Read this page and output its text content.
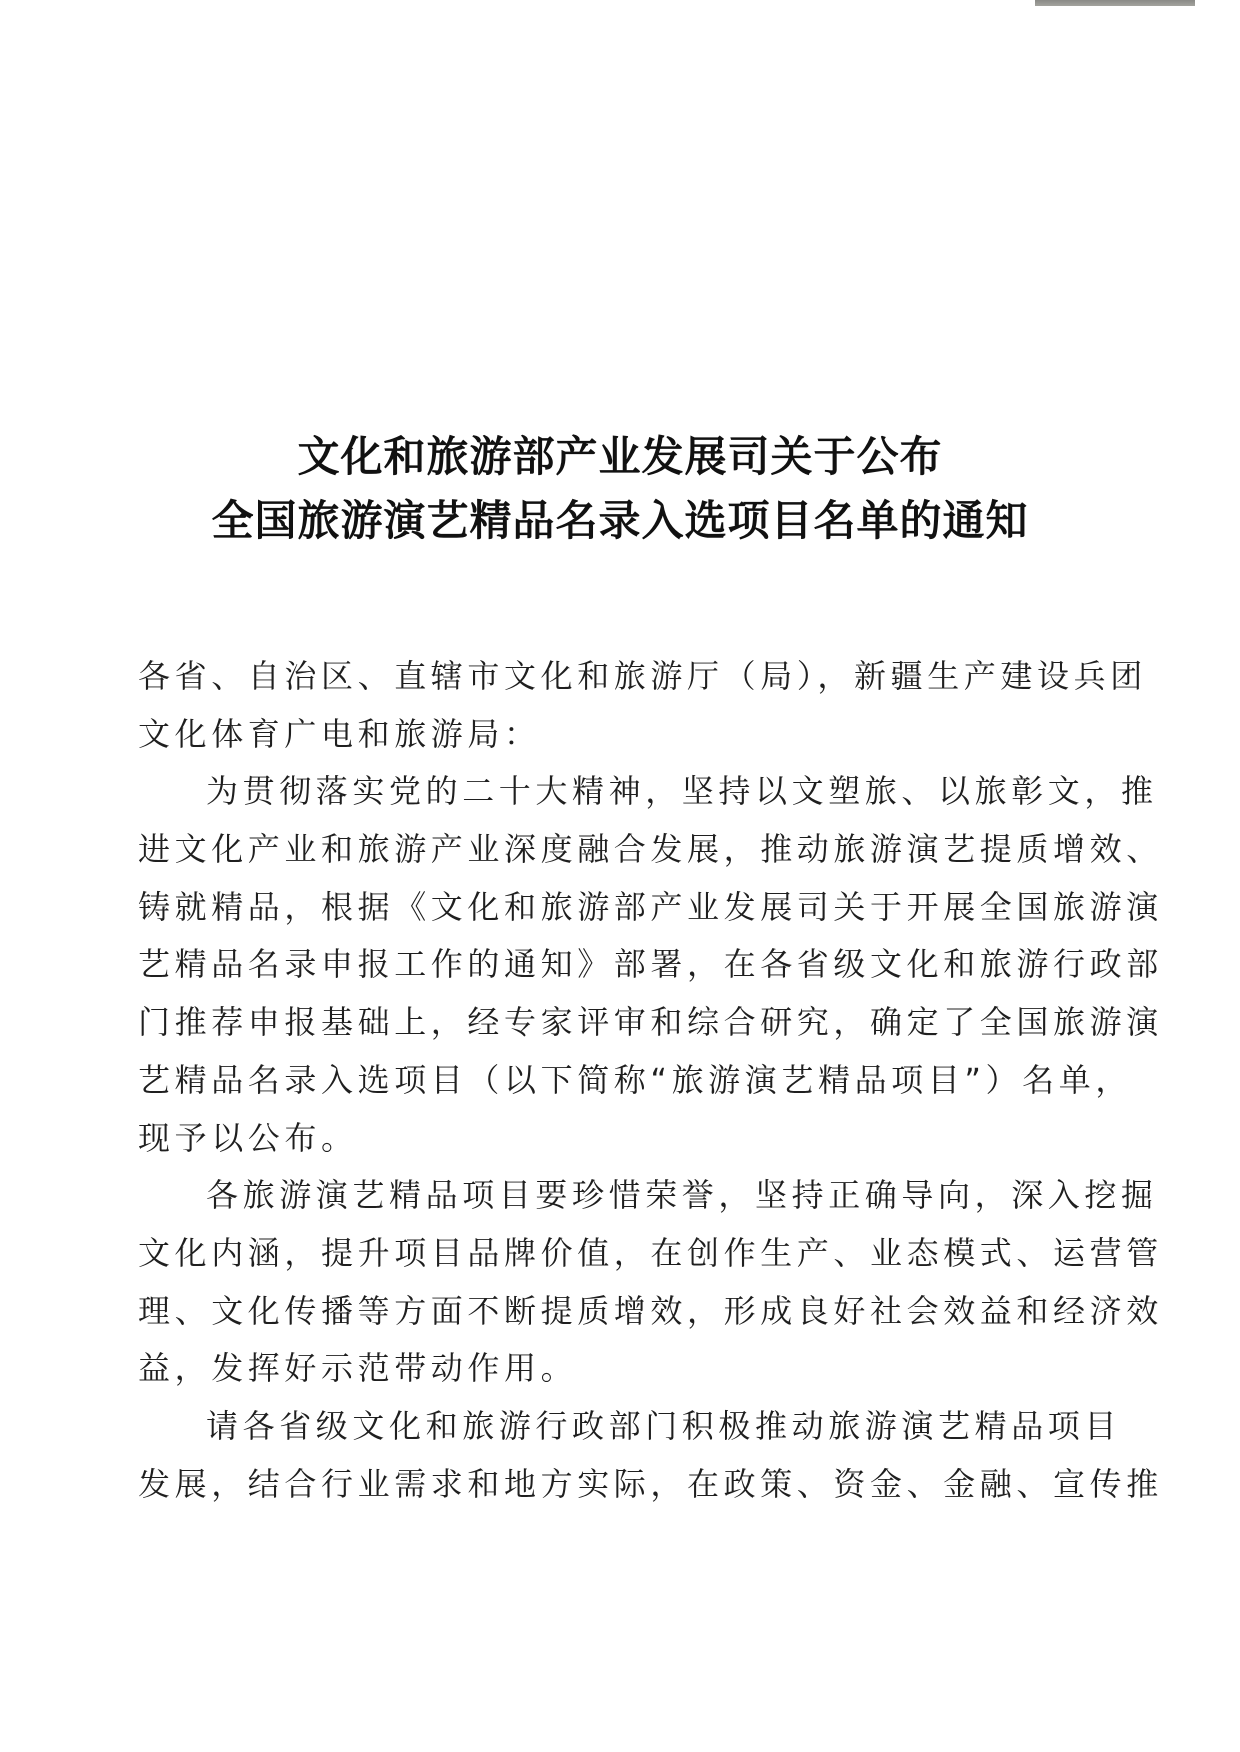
文化和旅游部产业发展司关于公布
全国旅游演艺精品名录入选项目名单的通知
各省、自治区、直辖市文化和旅游厅（局），新疆生产建设兵团
文化体育广电和旅游局：
为贯彻落实党的二十大精神，坚持以文塑旅、以旅彰文，推
进文化产业和旅游产业深度融合发展，推动旅游演艺提质增效、
铸就精品，根据《文化和旅游部产业发展司关于开展全国旅游演
艺精品名录申报工作的通知》部署，在各省级文化和旅游行政部
门推荐申报基础上，经专家评审和综合研究，确定了全国旅游演
艺精品名录入选项目（以下简称“旅游演艺精品项目”）名单，
现予以公布。
各旅游演艺精品项目要珍惜荣誉，坚持正确导向，深入挖掘
文化内涵，提升项目品牌价值，在创作生产、业态模式、运营管
理、文化传播等方面不断提质增效，形成良好社会效益和经济效
益，发挥好示范带动作用。
请各省级文化和旅游行政部门积极推动旅游演艺精品项目
发展，结合行业需求和地方实际，在政策、资金、金融、宣传推
